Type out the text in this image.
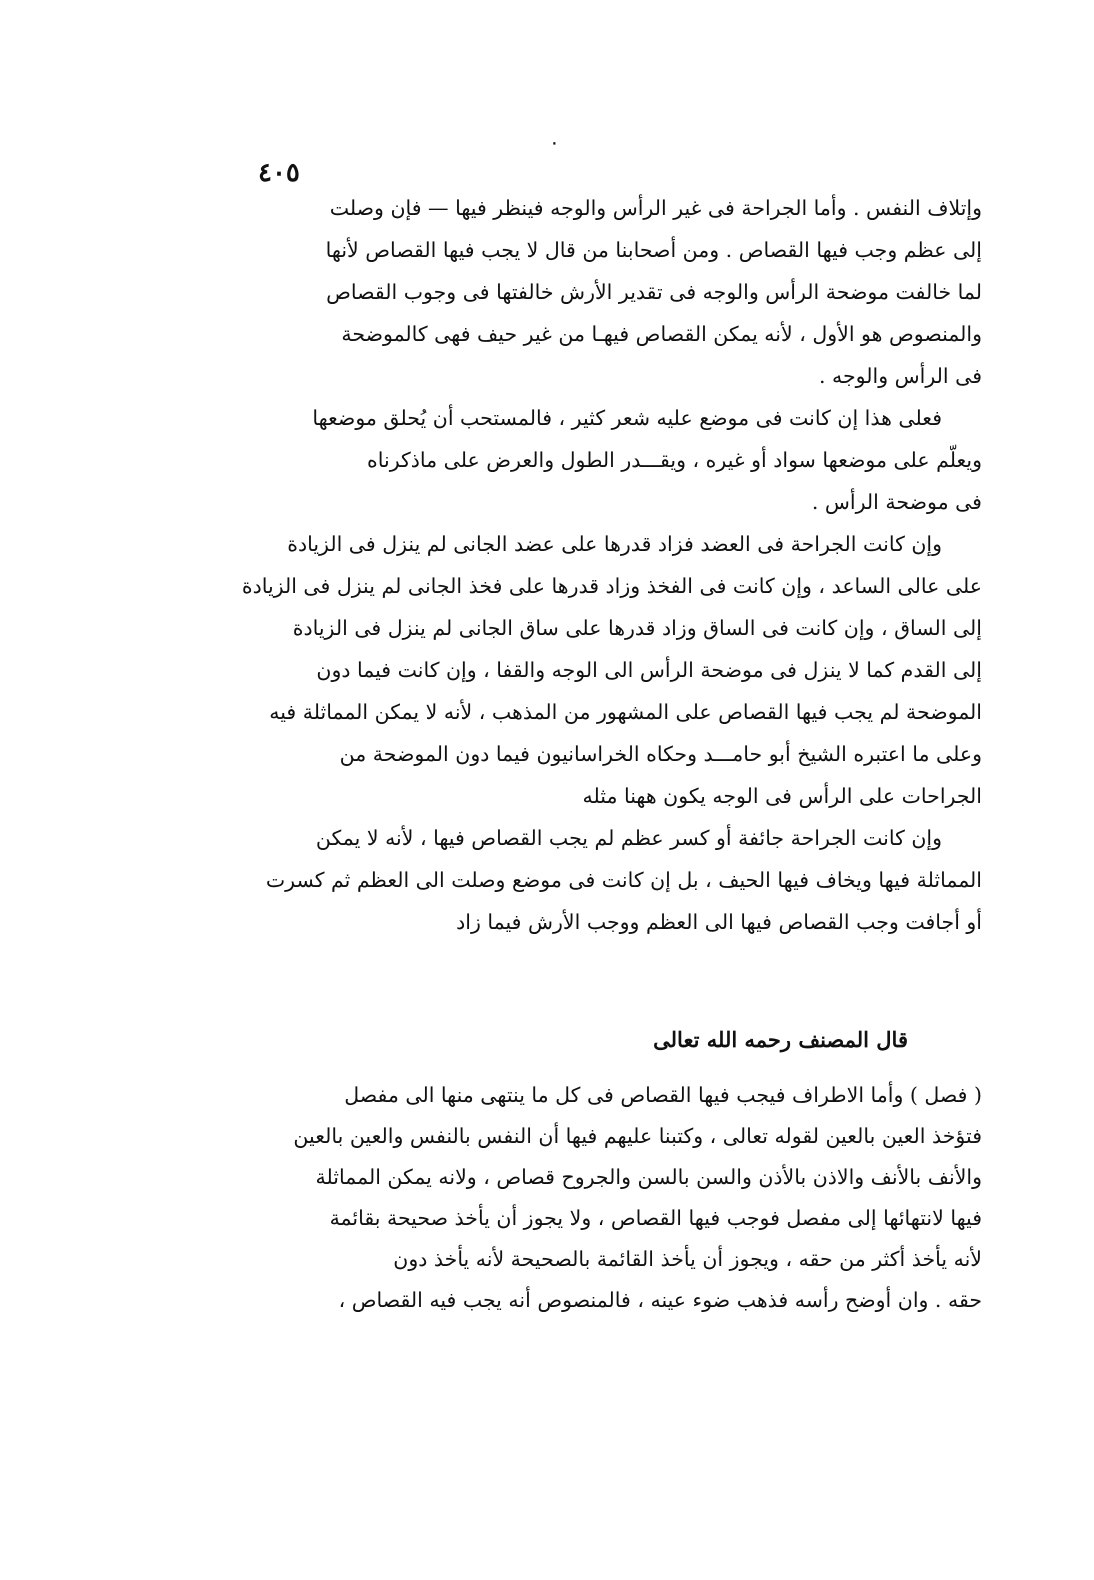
٠
٤٠٥

وإتلاف النفس . وأما الجراحة فى غير الرأس والوجه فينظر فيها — فإن وصلت
إلى عظم وجب فيها القصاص . ومن أصحابنا من قال لا يجب فيها القصاص لأنها
لما خالفت موضحة الرأس والوجه فى تقدير الأرش خالفتها فى وجوب القصاص
والمنصوص هو الأول ، لأنه يمكن القصاص فيهـا من غير حيف فهى كالموضحة
فى الرأس والوجه .

فعلى هذا إن كانت فى موضع عليه شعر كثير ، فالمستحب أن يُحلق موضعها
ويعلّم على موضعها سواد أو غيره ، ويقـــدر الطول والعرض على ماذكرناه
فى موضحة الرأس .

وإن كانت الجراحة فى العضد فزاد قدرها على عضد الجانى لم ينزل فى الزيادة
على عالى الساعد ، وإن كانت فى الفخذ وزاد قدرها على فخذ الجانى لم ينزل فى الزيادة
إلى الساق ، وإن كانت فى الساق وزاد قدرها على ساق الجانى لم ينزل فى الزيادة
إلى القدم كما لا ينزل فى موضحة الرأس الى الوجه والقفا ، وإن كانت فيما دون
الموضحة لم يجب فيها القصاص على المشهور من المذهب ، لأنه لا يمكن المماثلة فيه
وعلى ما اعتبره الشيخ أبو حامـــد وحكاه الخراسانيون فيما دون الموضحة من
الجراحات على الرأس فى الوجه يكون ههنا مثله

وإن كانت الجراحة جائفة أو كسر عظم لم يجب القصاص فيها ، لأنه لا يمكن
المماثلة فيها ويخاف فيها الحيف ، بل إن كانت فى موضع وصلت الى العظم ثم كسرت
أو أجافت وجب القصاص فيها الى العظم ووجب الأرش فيما زاد

قال المصنف رحمه الله تعالى

( فصل ) وأما الاطراف فيجب فيها القصاص فى كل ما ينتهى منها الى مفصل
فتؤخذ العين بالعين لقوله تعالى ، وكتبنا عليهم فيها أن النفس بالنفس والعين بالعين
والأنف بالأنف والاذن بالأذن والسن بالسن والجروح قصاص ، ولانه يمكن المماثلة
فيها لانتهائها إلى مفصل فوجب فيها القصاص ، ولا يجوز أن يأخذ صحيحة بقائمة
لأنه يأخذ أكثر من حقه ، ويجوز أن يأخذ القائمة بالصحيحة لأنه يأخذ دون
حقه . وان أوضح رأسه فذهب ضوء عينه ، فالمنصوص أنه يجب فيه القصاص ،
